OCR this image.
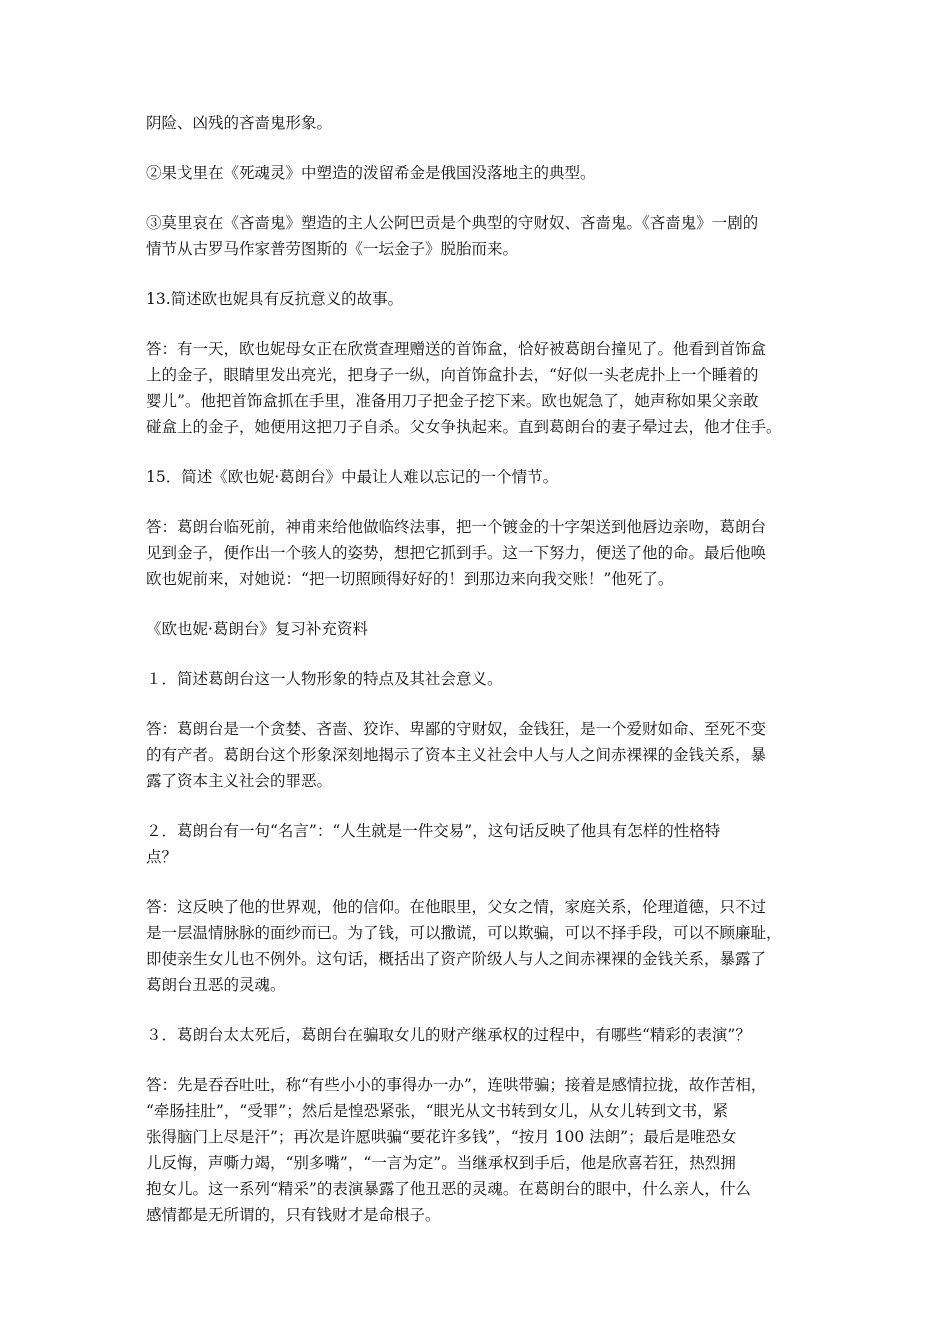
阴险、凶残的吝啬鬼形象。

②果戈里在《死魂灵》中塑造的泼留希金是俄国没落地主的典型。

③莫里哀在《吝啬鬼》塑造的主人公阿巴贡是个典型的守财奴、吝啬鬼。《吝啬鬼》一剧的
情节从古罗马作家普劳图斯的《一坛金子》脱胎而来。

13.简述欧也妮具有反抗意义的故事。

答：有一天，欧也妮母女正在欣赏查理赠送的首饰盒，恰好被葛朗台撞见了。他看到首饰盒
上的金子，眼睛里发出亮光，把身子一纵，向首饰盒扑去，“好似一头老虎扑上一个睡着的
婴儿”。他把首饰盒抓在手里，准备用刀子把金子挖下来。欧也妮急了，她声称如果父亲敢
碰盒上的金子，她便用这把刀子自杀。父女争执起来。直到葛朗台的妻子晕过去，他才住手。

15．简述《欧也妮·葛朗台》中最让人难以忘记的一个情节。

答：葛朗台临死前，神甫来给他做临终法事，把一个镀金的十字架送到他唇边亲吻，葛朗台
见到金子，便作出一个骇人的姿势，想把它抓到手。这一下努力，便送了他的命。最后他唤
欧也妮前来，对她说：“把一切照顾得好好的！到那边来向我交账！”他死了。

《欧也妮·葛朗台》复习补充资料

１．简述葛朗台这一人物形象的特点及其社会意义。

答：葛朗台是一个贪婪、吝啬、狡诈、卑鄙的守财奴，金钱狂，是一个爱财如命、至死不变
的有产者。葛朗台这个形象深刻地揭示了资本主义社会中人与人之间赤裸裸的金钱关系，暴
露了资本主义社会的罪恶。

２．葛朗台有一句“名言”：“人生就是一件交易”，这句话反映了他具有怎样的性格特
点？

答：这反映了他的世界观，他的信仰。在他眼里，父女之情，家庭关系，伦理道德，只不过
是一层温情脉脉的面纱而已。为了钱，可以撒谎，可以欺骗，可以不择手段，可以不顾廉耻，
即使亲生女儿也不例外。这句话，概括出了资产阶级人与人之间赤裸裸的金钱关系，暴露了
葛朗台丑恶的灵魂。

３．葛朗台太太死后，葛朗台在骗取女儿的财产继承权的过程中，有哪些“精彩的表演”？

答：先是吞吞吐吐，称“有些小小的事得办一办”，连哄带骗；接着是感情拉拢，故作苦相，
“牵肠挂肚”，“受罪”；然后是惶恐紧张，“眼光从文书转到女儿，从女儿转到文书，紧
张得脑门上尽是汗”；再次是许愿哄骗“要花许多钱”，“按月 100 法朗”；最后是唯恐女
儿反悔，声嘶力竭，“别多嘴”，“一言为定”。当继承权到手后，他是欣喜若狂，热烈拥
抱女儿。这一系列“精采”的表演暴露了他丑恶的灵魂。在葛朗台的眼中，什么亲人，什么
感情都是无所谓的，只有钱财才是命根子。
